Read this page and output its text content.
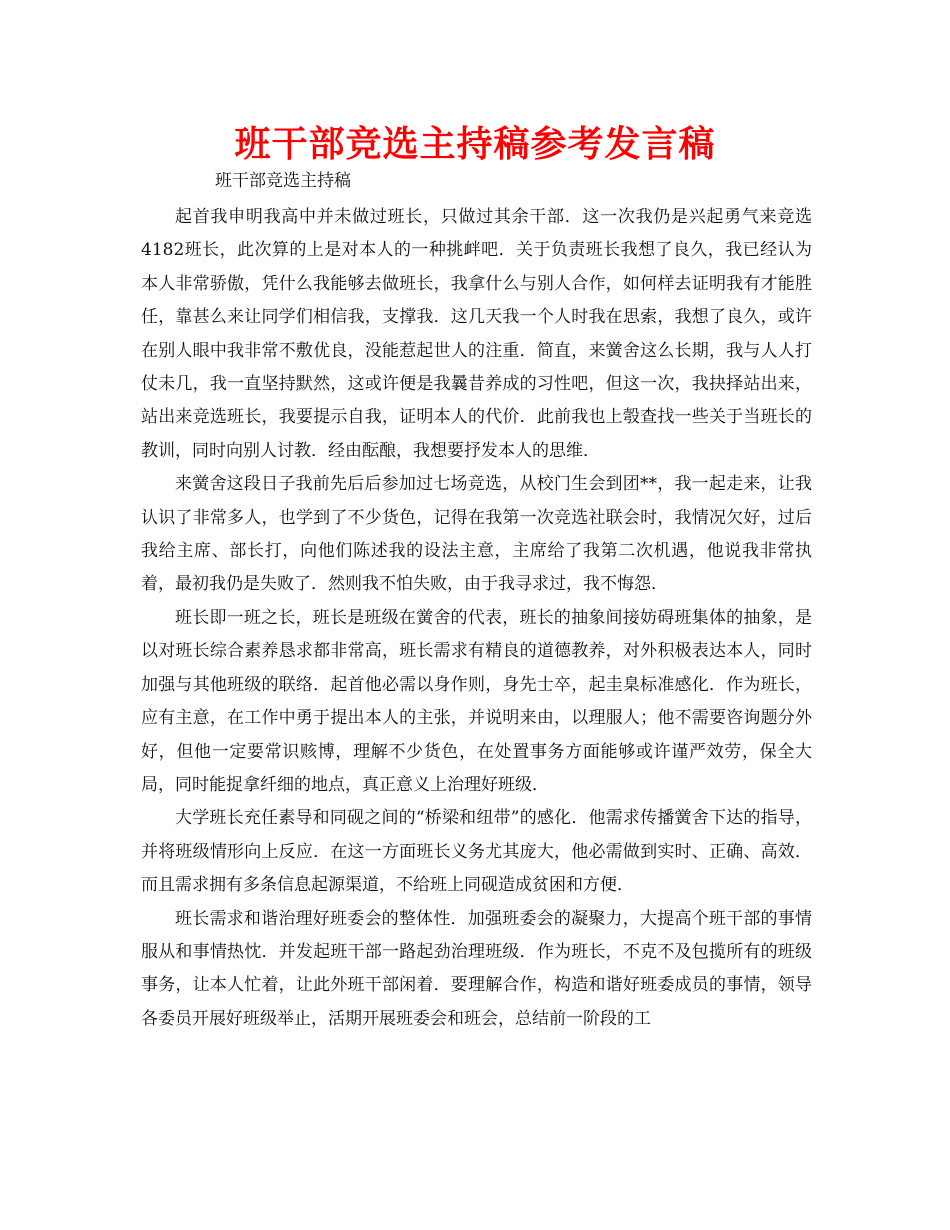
班干部竞选主持稿参考发言稿
班干部竞选主持稿

起首我申明我高中并未做过班长，只做过其余干部．这一次我仍是兴起勇气来竞选4182班长，此次算的上是对本人的一种挑衅吧．关于负责班长我想了良久，我已经认为本人非常骄傲，凭什么我能够去做班长，我拿什么与别人合作，如何样去证明我有才能胜任，靠甚么来让同学们相信我，支撑我．这几天我一个人时我在思索，我想了良久，或许在别人眼中我非常不敷优良，没能惹起世人的注重．简直，来黉舍这么长期，我与人人打仗未几，我一直坚持默然，这或许便是我曩昔养成的习性吧，但这一次，我抉择站出来，站出来竞选班长，我要提示自我，证明本人的代价．此前我也上彀查找一些关于当班长的教训，同时向别人讨教．经由酝酿，我想要抒发本人的思维．

来黉舍这段日子我前先后后参加过七场竞选，从校门生会到团**，我一起走来，让我认识了非常多人，也学到了不少货色，记得在我第一次竞选社联会时，我情况欠好，过后我给主席、部长打，向他们陈述我的设法主意，主席给了我第二次机遇，他说我非常执着，最初我仍是失败了．然则我不怕失败，由于我寻求过，我不悔怨．

班长即一班之长，班长是班级在黉舍的代表，班长的抽象间接妨碍班集体的抽象，是以对班长综合素养恳求都非常高，班长需求有精良的道德教养，对外积极表达本人，同时加强与其他班级的联络．起首他必需以身作则，身先士卒，起圭臬标准感化．作为班长，应有主意，在工作中勇于提出本人的主张，并说明来由，以理服人；他不需要咨询题分外好，但他一定要常识赅博，理解不少货色，在处置事务方面能够或许谨严效劳，保全大局，同时能捉拿纤细的地点，真正意义上治理好班级．

大学班长充任素导和同砚之间的“桥梁和纽带”的感化．他需求传播黉舍下达的指导，并将班级情形向上反应．在这一方面班长义务尤其庞大，他必需做到实时、正确、高效．而且需求拥有多条信息起源渠道，不给班上同砚造成贫困和方便．

班长需求和谐治理好班委会的整体性．加强班委会的凝聚力，大提高个班干部的事情服从和事情热忱．并发起班干部一路起劲治理班级．作为班长，不克不及包揽所有的班级事务，让本人忙着，让此外班干部闲着．要理解合作，构造和谐好班委成员的事情，领导各委员开展好班级举止，活期开展班委会和班会，总结前一阶段的工
